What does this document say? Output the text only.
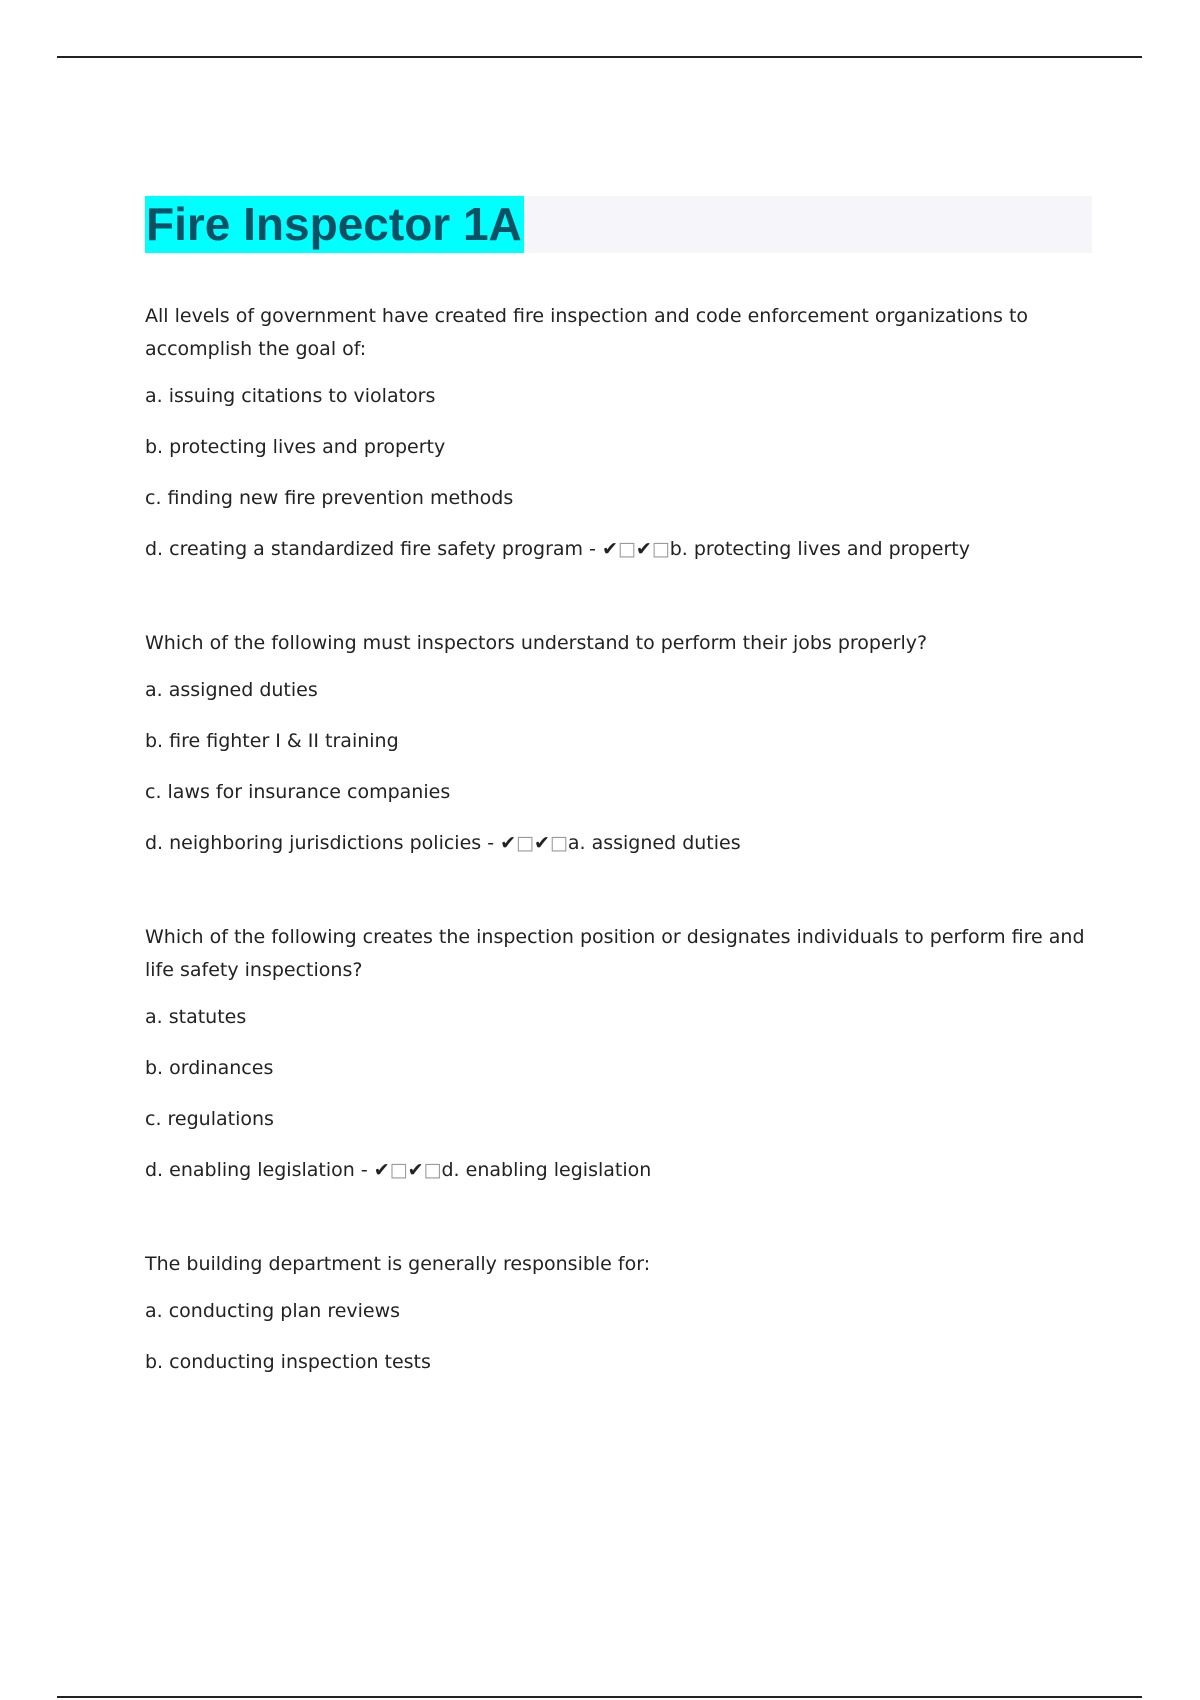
Fire Inspector 1A

All levels of government have created fire inspection and code enforcement organizations to accomplish the goal of:

a. issuing citations to violators

b. protecting lives and property

c. finding new fire prevention methods

d. creating a standardized fire safety program - ✔□✔□b. protecting lives and property

Which of the following must inspectors understand to perform their jobs properly?

a. assigned duties

b. fire fighter I & II training

c. laws for insurance companies

d. neighboring jurisdictions policies - ✔□✔□a. assigned duties

Which of the following creates the inspection position or designates individuals to perform fire and life safety inspections?

a. statutes

b. ordinances

c. regulations

d. enabling legislation - ✔□✔□d. enabling legislation

The building department is generally responsible for:

a. conducting plan reviews

b. conducting inspection tests
